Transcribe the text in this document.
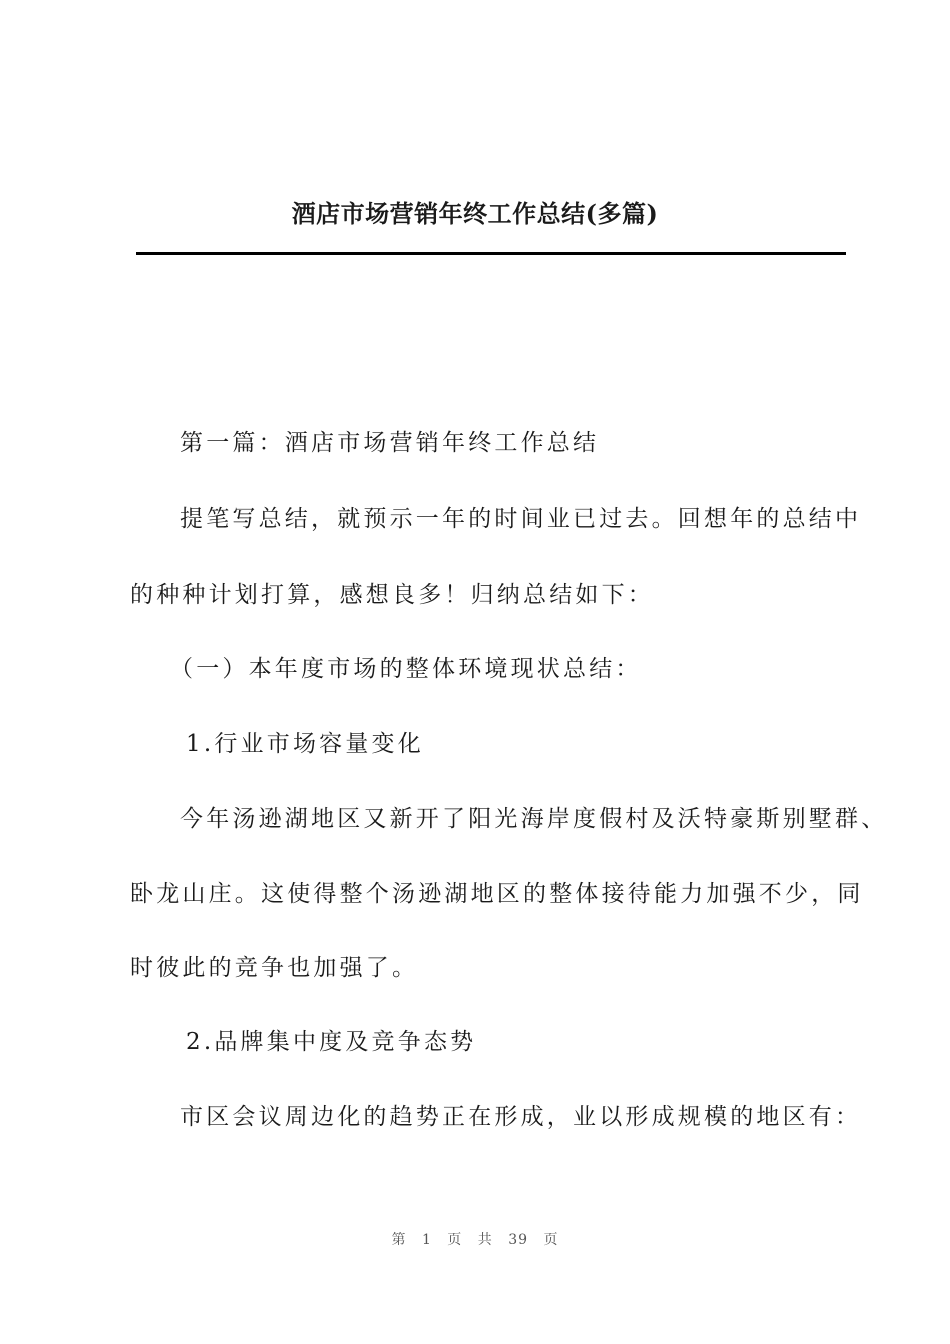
酒店市场营销年终工作总结(多篇)
第一篇：酒店市场营销年终工作总结
提笔写总结，就预示一年的时间业已过去。回想年的总结中
的种种计划打算，感想良多！归纳总结如下：
（一）本年度市场的整体环境现状总结：
1.行业市场容量变化
今年汤逊湖地区又新开了阳光海岸度假村及沃特豪斯别墅群、
卧龙山庄。这使得整个汤逊湖地区的整体接待能力加强不少，同
时彼此的竞争也加强了。
2.品牌集中度及竞争态势
市区会议周边化的趋势正在形成，业以形成规模的地区有：
第 1 页 共 39 页
